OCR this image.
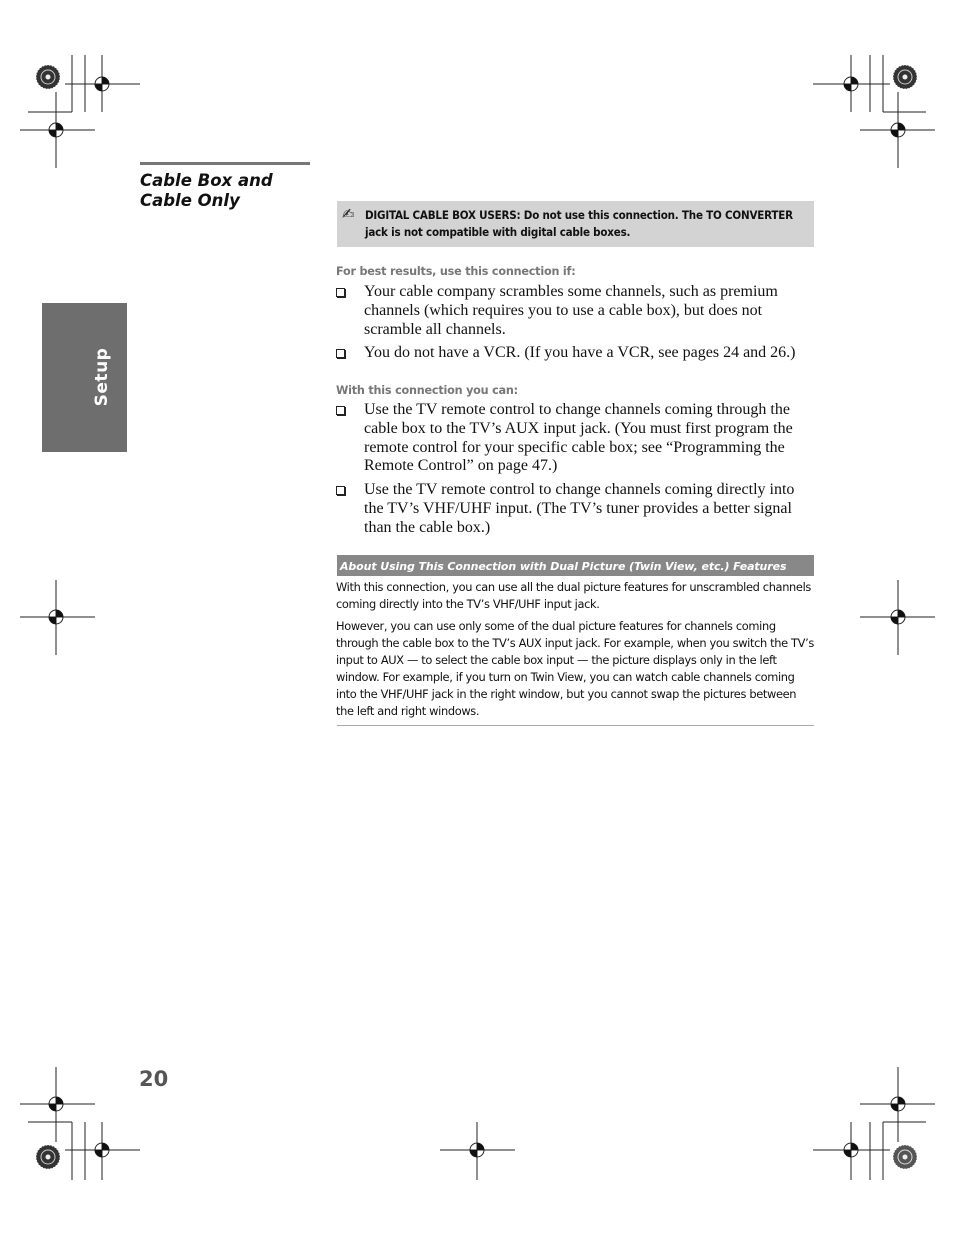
Cable Box and
Cable Only
Setup
✍ DIGITAL CABLE BOX USERS: Do not use this connection. The TO CONVERTER jack is not compatible with digital cable boxes.
For best results, use this connection if:
Your cable company scrambles some channels, such as premium channels (which requires you to use a cable box), but does not scramble all channels.
You do not have a VCR. (If you have a VCR, see pages 24 and 26.)
With this connection you can:
Use the TV remote control to change channels coming through the cable box to the TV’s AUX input jack. (You must first program the remote control for your specific cable box; see “Programming the Remote Control” on page 47.)
Use the TV remote control to change channels coming directly into the TV’s VHF/UHF input. (The TV’s tuner provides a better signal than the cable box.)
About Using This Connection with Dual Picture (Twin View, etc.) Features

With this connection, you can use all the dual picture features for unscrambled channels coming directly into the TV’s VHF/UHF input jack.

However, you can use only some of the dual picture features for channels coming through the cable box to the TV’s AUX input jack. For example, when you switch the TV’s input to AUX — to select the cable box input — the picture displays only in the left window. For example, if you turn on Twin View, you can watch cable channels coming into the VHF/UHF jack in the right window, but you cannot swap the pictures between the left and right windows.

20
